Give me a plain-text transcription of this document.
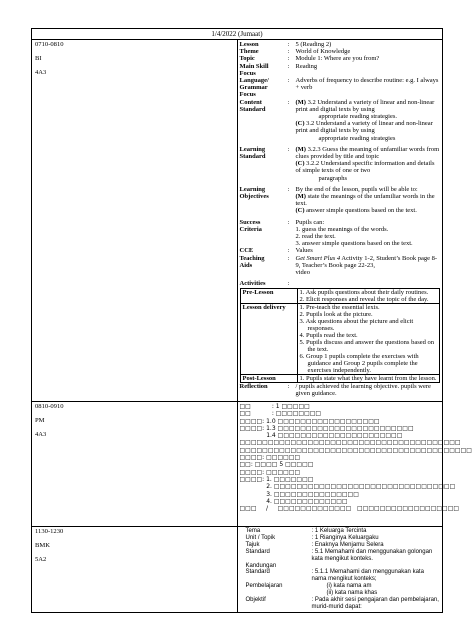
1/4/2022 (Jumaat)

0710-0810
BI
4A3

Lesson	: 5 (Reading 2)
Theme	: World of Knowledge
Topic	: Module 1: Where are you from?
Main Skill
Focus
: Reading
Language/
Grammar
Focus
: Adverbs of frequency to describe routine: e.g. I always + verb
Content
Standard
: (M) 3.2 Understand a variety of linear and non-linear print and digital texts by using
appropriate reading strategies.
(C) 3.2 Understand a variety of linear and non-linear print and digital texts by using
appropriate reading strategies
Learning
Standard
: (M) 3.2.3 Guess the meaning of unfamiliar words from clues provided by title and topic
(C) 3.2.2 Understand specific information and details of simple texts of one or two
paragraphs
Learning
Objectives
: By the end of the lesson, pupils will be able to:
(M) state the meanings of the unfamiliar words in the text.
(C) answer simple questions based on the text.
Success
Criteria
: Pupils can:
1. guess the meanings of the words.
2. read the text.
3. answer simple questions based on the text.
CCE	: Values
Teaching
Aids
: Get Smart Plus 4 Activity 1-2, Student’s Book page 8-9, Teacher’s Book page 22-23,
video
Activities	:
Pre-Lesson	1. Ask pupils questions about their daily routines.
2. Elicit responses and reveal the topic of the day.

Lesson delivery	1. Pre-teach the essential lexis.
2. Pupils look at the picture.
3. Ask questions about the picture and elicit responses.
4. Pupils read the text.
5. Pupils discuss and answer the questions based on the text.
6. Group 1 pupils complete the exercises with guidance and Group 2 pupils complete the exercises independently.

Post-Lesson	1. Pupils state what they have learnt from the lesson.
Reflection	: / pupils achieved the learning objective. pupils were given guidance.

0810-0910
PM
4A3

□□           : 1 □□□□□
□□           : □□□□□□□□
□□□□: 1.0 □□□□□□□□□□□□□□□□□□
□□□□: 1.3 □□□□□□□□□□□□□□□□□□□□□□□□
1.4 □□□□□□□□□□□□□□□□□□□□□□
□□□□□□□□□□□□□□□□□□□□□□□□□□□□□□□□□□□□□□□
□□□□□□□□□□□□□□□□□□□□□□□□□□□□□□□□□□□□□□□□□
□□□□: □□□□□□
□□: □□□□ 5 □□□□□
□□□□: □□□□□□
□□□□: 1. □□□□□□□
2. □□□□□□□□□□□□□□□□□□□□□□□□□□□□□□□□
3. □□□□□□□□□□□□□□□
4. □□□□□□□□□□□□□
□□□     /     □□□□□□□□□□□□□   □□□□□□□□□□□□□□□□□□

1130-1230
BMK
5A2

Tema	: 1 Keluarga Tercinta
Unit / Topik	: 1 Rianginya Keluargaku
Tajuk	: Enaknya Menjamu Selera
Standard	: 5.1 Memahami dan menggunakan golongan kata mengikut konteks.
Kandungan
Standard	: 5.1.1 Memahami dan menggunakan kata nama mengikut konteks;
Pembelajaran	(i) kata nama am
(ii) kata nama khas
Objektif	: Pada akhir sesi pengajaran dan pembelajaran, murid-murid dapat:
